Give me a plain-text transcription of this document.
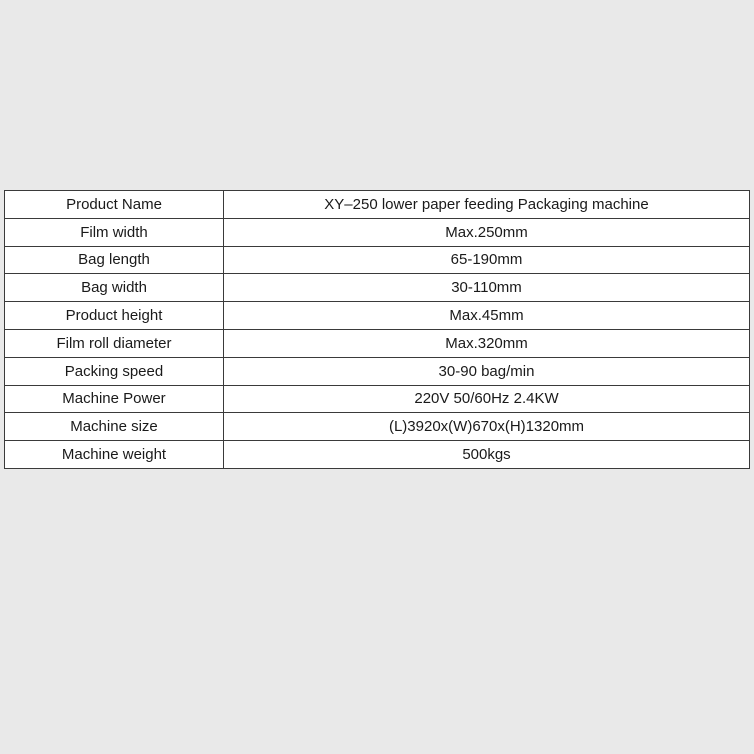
Product Name	XY–250 lower paper feeding Packaging machine
Film width	Max.250mm
Bag length	65-190mm
Bag width	30-110mm
Product height	Max.45mm
Film roll diameter	Max.320mm
Packing speed	30-90 bag/min
Machine Power	220V 50/60Hz 2.4KW
Machine size	(L)3920x(W)670x(H)1320mm
Machine weight	500kgs
